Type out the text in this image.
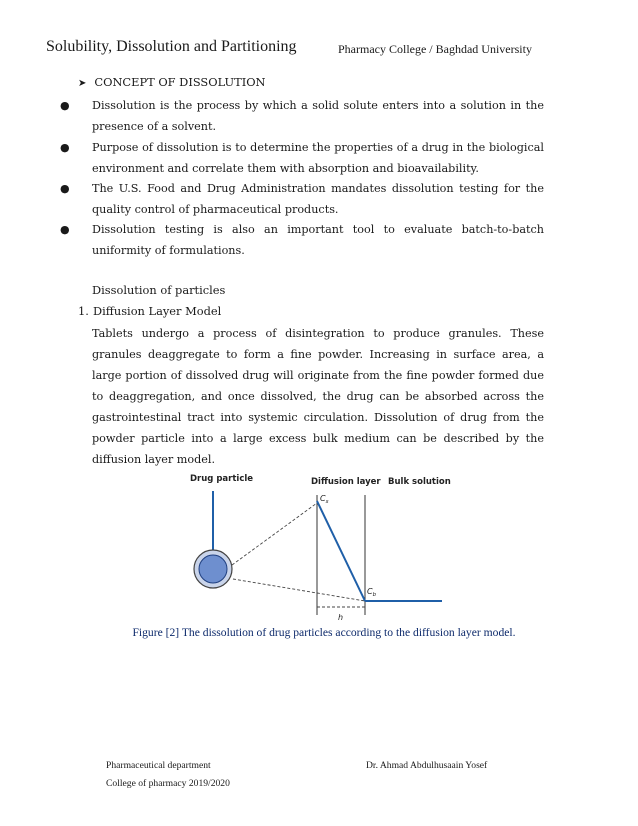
Solubility, Dissolution and Partitioning	Pharmacy College / Baghdad University
➤ CONCEPT OF DISSOLUTION
● Dissolution is the process by which a solid solute enters into a solution in the presence of a solvent.
● Purpose of dissolution is to determine the properties of a drug in the biological environment and correlate them with absorption and bioavailability.
● The U.S. Food and Drug Administration mandates dissolution testing for the quality control of pharmaceutical products.
● Dissolution testing is also an important tool to evaluate batch-to-batch uniformity of formulations.
Dissolution of particles
1. Diffusion Layer Model
Tablets undergo a process of disintegration to produce granules. These granules deaggregate to form a fine powder. Increasing in surface area, a large portion of dissolved drug will originate from the fine powder formed due to deaggregation, and once dissolved, the drug can be absorbed across the gastrointestinal tract into systemic circulation. Dissolution of drug from the powder particle into a large excess bulk medium can be described by the diffusion layer model.
Drug particle	Diffusion layer Bulk solution
$C_s$
$C_b$
h
Figure [2] The dissolution of drug particles according to the diffusion layer model.
Pharmaceutical department
College of pharmacy 2019/2020
Dr. Ahmad Abdulhusaain Yosef
